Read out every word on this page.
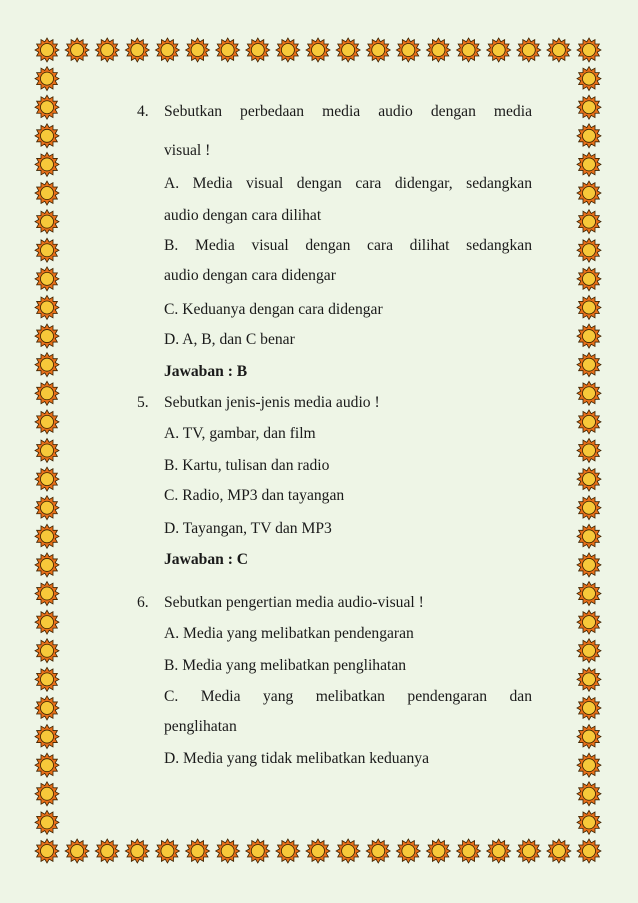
4. Sebutkan perbedaan media audio dengan media
visual !
A. Media visual dengan cara didengar, sedangkan
audio dengan cara dilihat
B. Media visual dengan cara dilihat sedangkan
audio dengan cara didengar
C. Keduanya dengan cara didengar
D. A, B, dan C benar
Jawaban : B
5. Sebutkan jenis-jenis media audio !
A. TV, gambar, dan film
B. Kartu, tulisan dan radio
C. Radio, MP3 dan tayangan
D. Tayangan, TV dan MP3
Jawaban : C
6. Sebutkan pengertian media audio-visual !
A. Media yang melibatkan pendengaran
B. Media yang melibatkan penglihatan
C. Media yang melibatkan pendengaran dan
penglihatan
D. Media yang tidak melibatkan keduanya
